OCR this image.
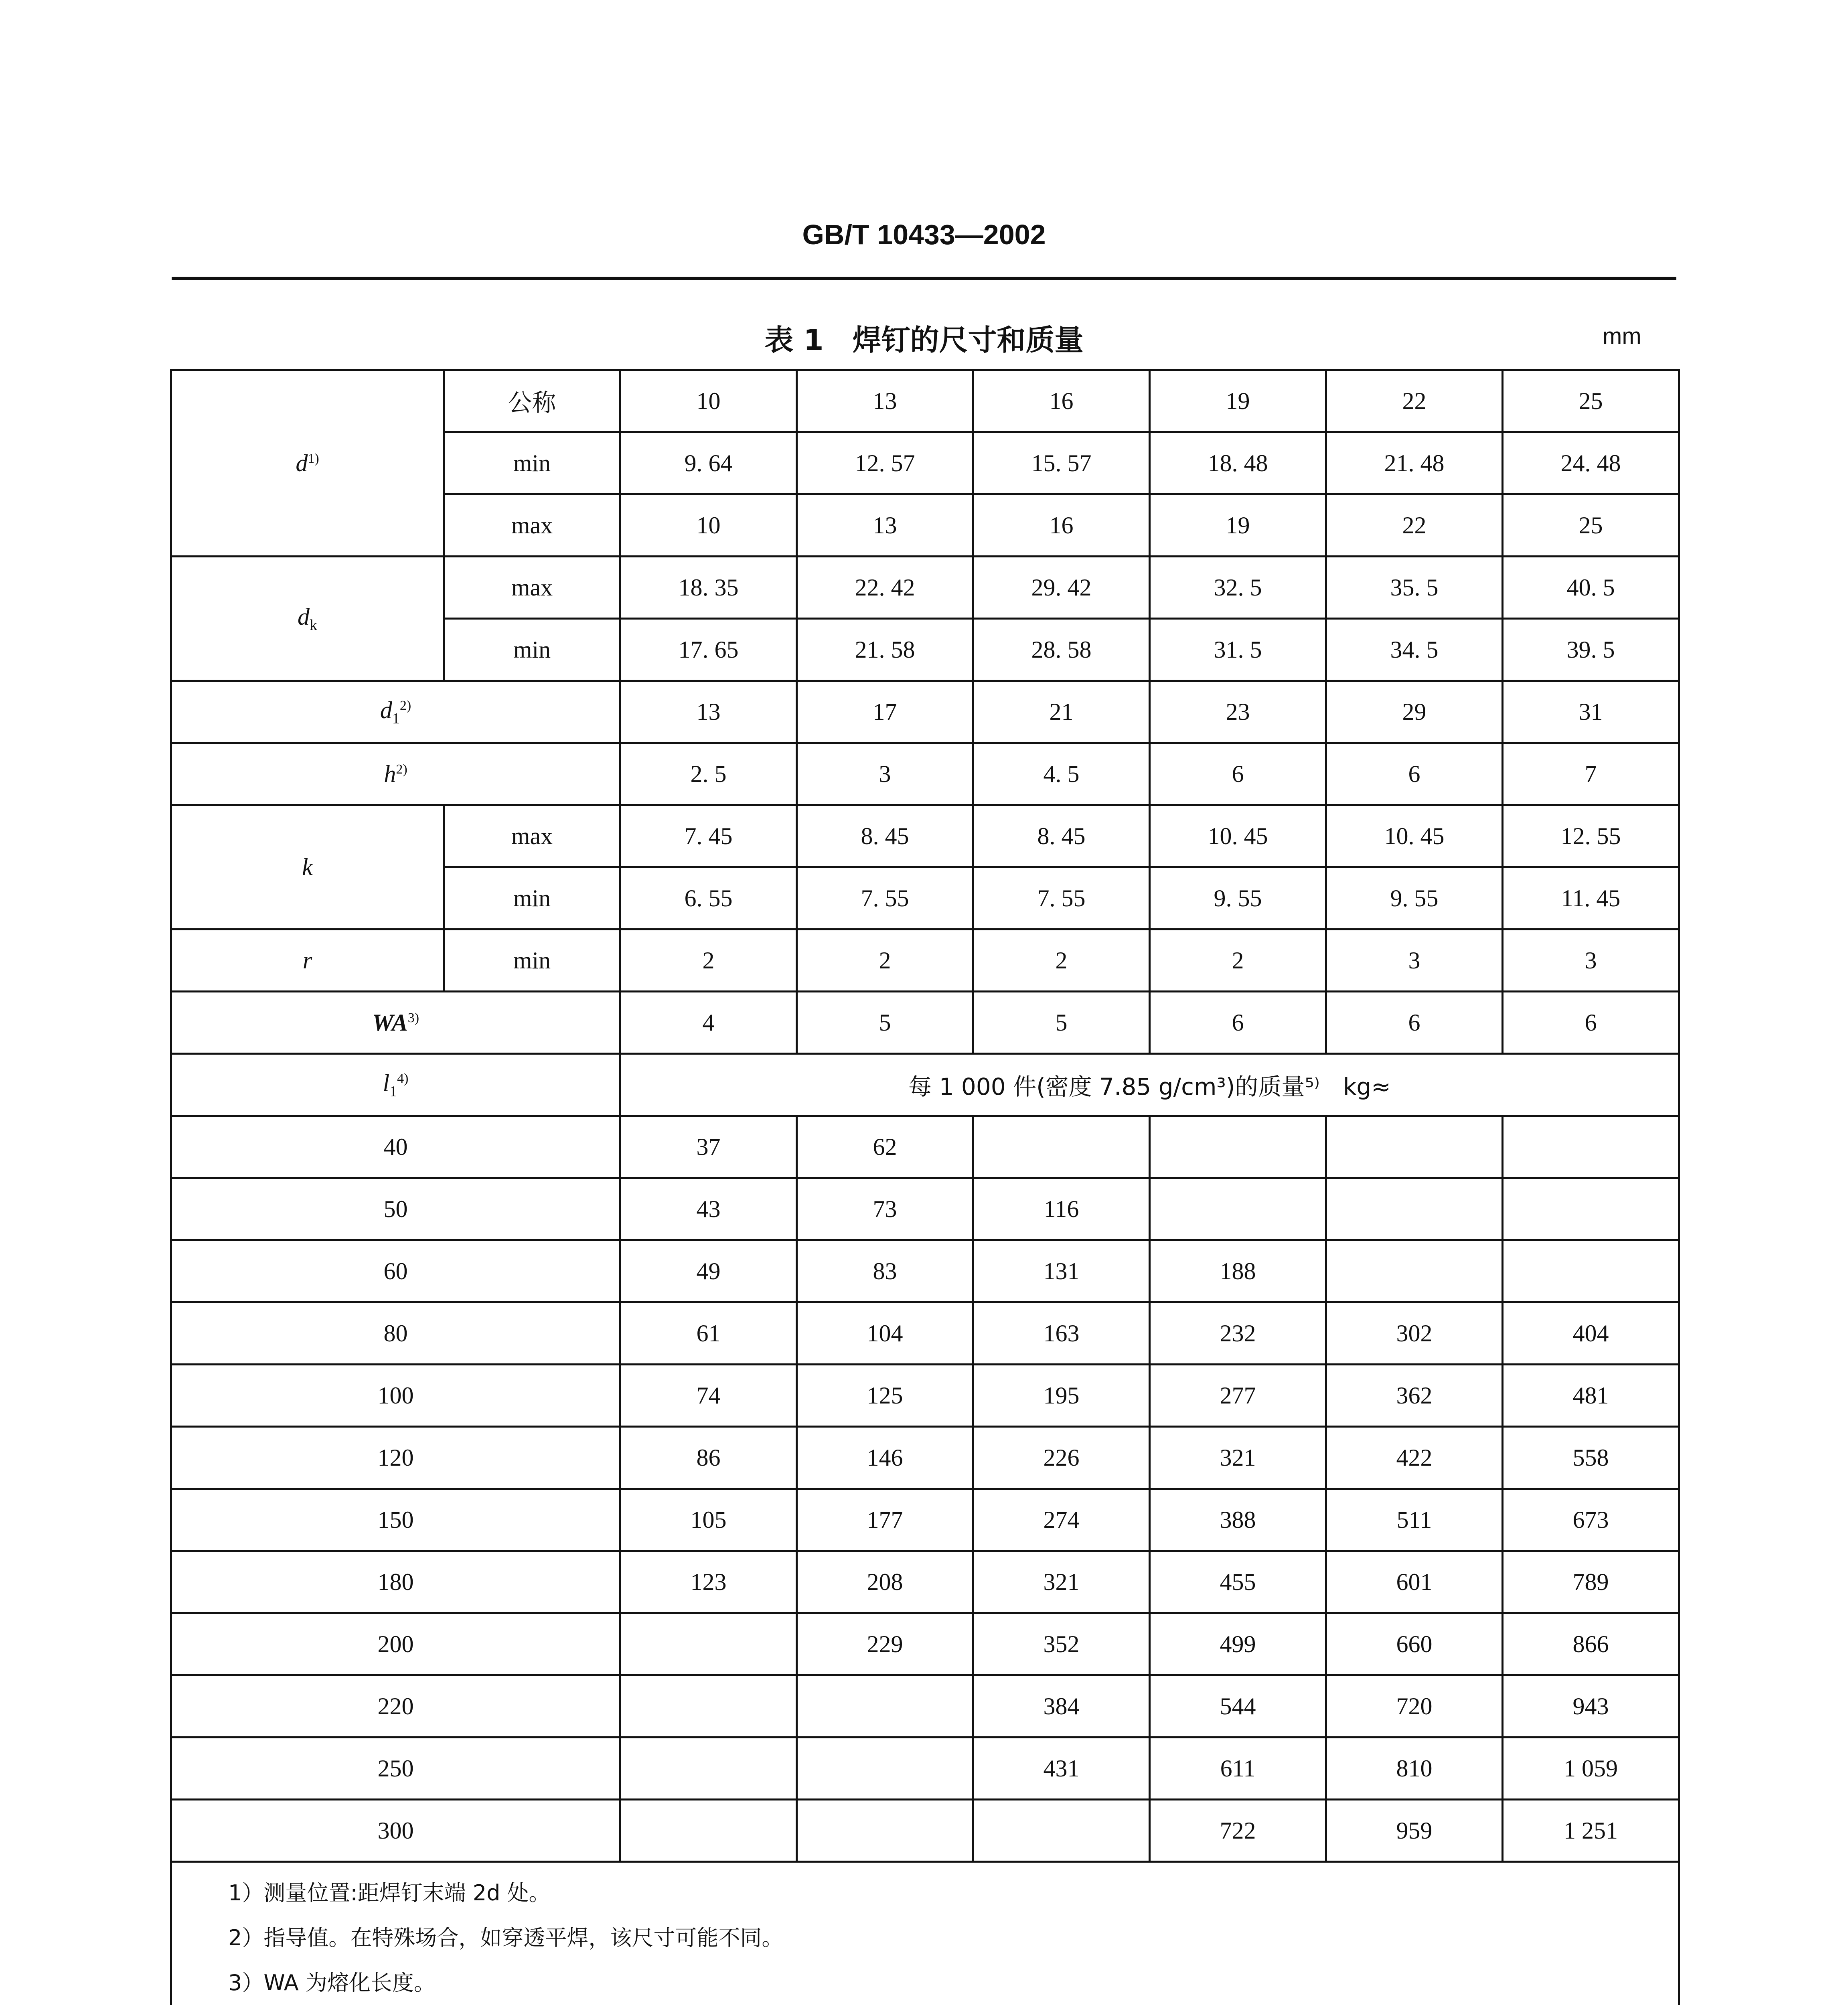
GB/T 10433—2002
表 1　焊钉的尺寸和质量	mm
$d^{1)}$	公称	10	13	16	19	22	25
	min	9. 64	12. 57	15. 57	18. 48	21. 48	24. 48
	max	10	13	16	19	22	25
$d_k$	max	18. 35	22. 42	29. 42	32. 5	35. 5	40. 5
	min	17. 65	21. 58	28. 58	31. 5	34. 5	39. 5
$d_1^{2)}$		13	17	21	23	29	31
$h^{2)}$		2. 5	3	4. 5	6	6	7
k	max	7. 45	8. 45	8. 45	10. 45	10. 45	12. 55
	min	6. 55	7. 55	7. 55	9. 55	9. 55	11. 45
r	min	2	2	2	2	3	3
WA$^{3)}$		4	5	5	6	6	6
$l_1^{4)}$		每 1 000 件(密度 7.85 g/cm³)的质量⁵⁾　kg≈					
40		37	62				
50		43	73	116			
60		49	83	131	188		
80		61	104	163	232	302	404
100		74	125	195	277	362	481
120		86	146	226	321	422	558
150		105	177	274	388	511	673
180		123	208	321	455	601	789
200			229	352	499	660	866
220				384	544	720	943
250				431	611	810	1 059
300					722	959	1 251

1）测量位置:距焊钉末端 2d 处。
2）指导值。在特殊场合，如穿透平焊，该尺寸可能不同。
3）WA 为熔化长度。							
